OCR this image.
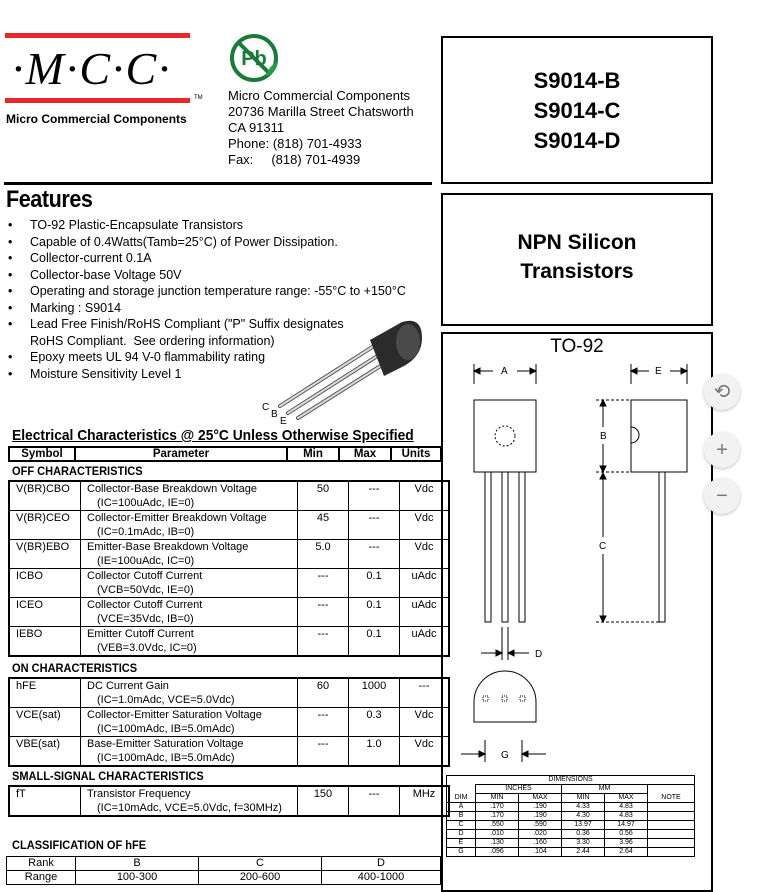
·M·C·C·
TM
Micro Commercial Components
Pb
Micro Commercial Components
20736 Marilla Street Chatsworth
CA 91311
Phone: (818) 701-4933
Fax:     (818) 701-4939
S9014-B
S9014-C
S9014-D
NPN Silicon
Transistors
TO-92
A	E
B
C
D
G
DIMENSIONS					
	INCHES		MM		
DIM	MIN	MAX	MIN	MAX	NOTE
A	.170	.190	4.33	4.83	
B	.170	.190	4.30	4.83	
C	.550	.590	13.97	14.97	
D	.010	.020	0.36	0.56	
E	.130	.160	3.30	3.96	
G	.096	.104	2.44	2.64	
Features
• TO-92 Plastic-Encapsulate Transistors
• Capable of 0.4Watts(Tamb=25°C) of Power Dissipation.
• Collector-current 0.1A
• Collector-base Voltage 50V
• Operating and storage junction temperature range: -55°C to +150°C
• Marking : S9014
• Lead Free Finish/RoHS Compliant ("P" Suffix designates
RoHS Compliant.  See ordering information)
• Epoxy meets UL 94 V-0 flammability rating
• Moisture Sensitivity Level 1
C
B
E
Electrical Characteristics @ 25°C Unless Otherwise Specified
Symbol	Parameter	Min	Max	Units
OFF CHARACTERISTICS
V(BR)CBO	Collector-Base Breakdown Voltage
(IC=100uAdc, IE=0)	50	---	Vdc
V(BR)CEO	Collector-Emitter Breakdown Voltage
(IC=0.1mAdc, IB=0)	45	---	Vdc
V(BR)EBO	Emitter-Base Breakdown Voltage
(IE=100uAdc, IC=0)	5.0	---	Vdc
ICBO	Collector Cutoff Current
(VCB=50Vdc, IE=0)	---	0.1	uAdc
ICEO	Collector Cutoff Current
(VCE=35Vdc, IB=0)	---	0.1	uAdc
IEBO	Emitter Cutoff Current
(VEB=3.0Vdc, IC=0)	---	0.1	uAdc
ON CHARACTERISTICS
hFE	DC Current Gain
(IC=1.0mAdc, VCE=5.0Vdc)	60	1000	---
VCE(sat)	Collector-Emitter Saturation Voltage
(IC=100mAdc, IB=5.0mAdc)	---	0.3	Vdc
VBE(sat)	Base-Emitter Saturation Voltage
(IC=100mAdc, IB=5.0mAdc)	---	1.0	Vdc
SMALL-SIGNAL CHARACTERISTICS
fT	Transistor Frequency
(IC=10mAdc, VCE=5.0Vdc, f=30MHz)
	150	---	MHz
CLASSIFICATION OF hFE
Rank	B	C	D
Range	100-300	200-600	400-1000
⟲
+
−
